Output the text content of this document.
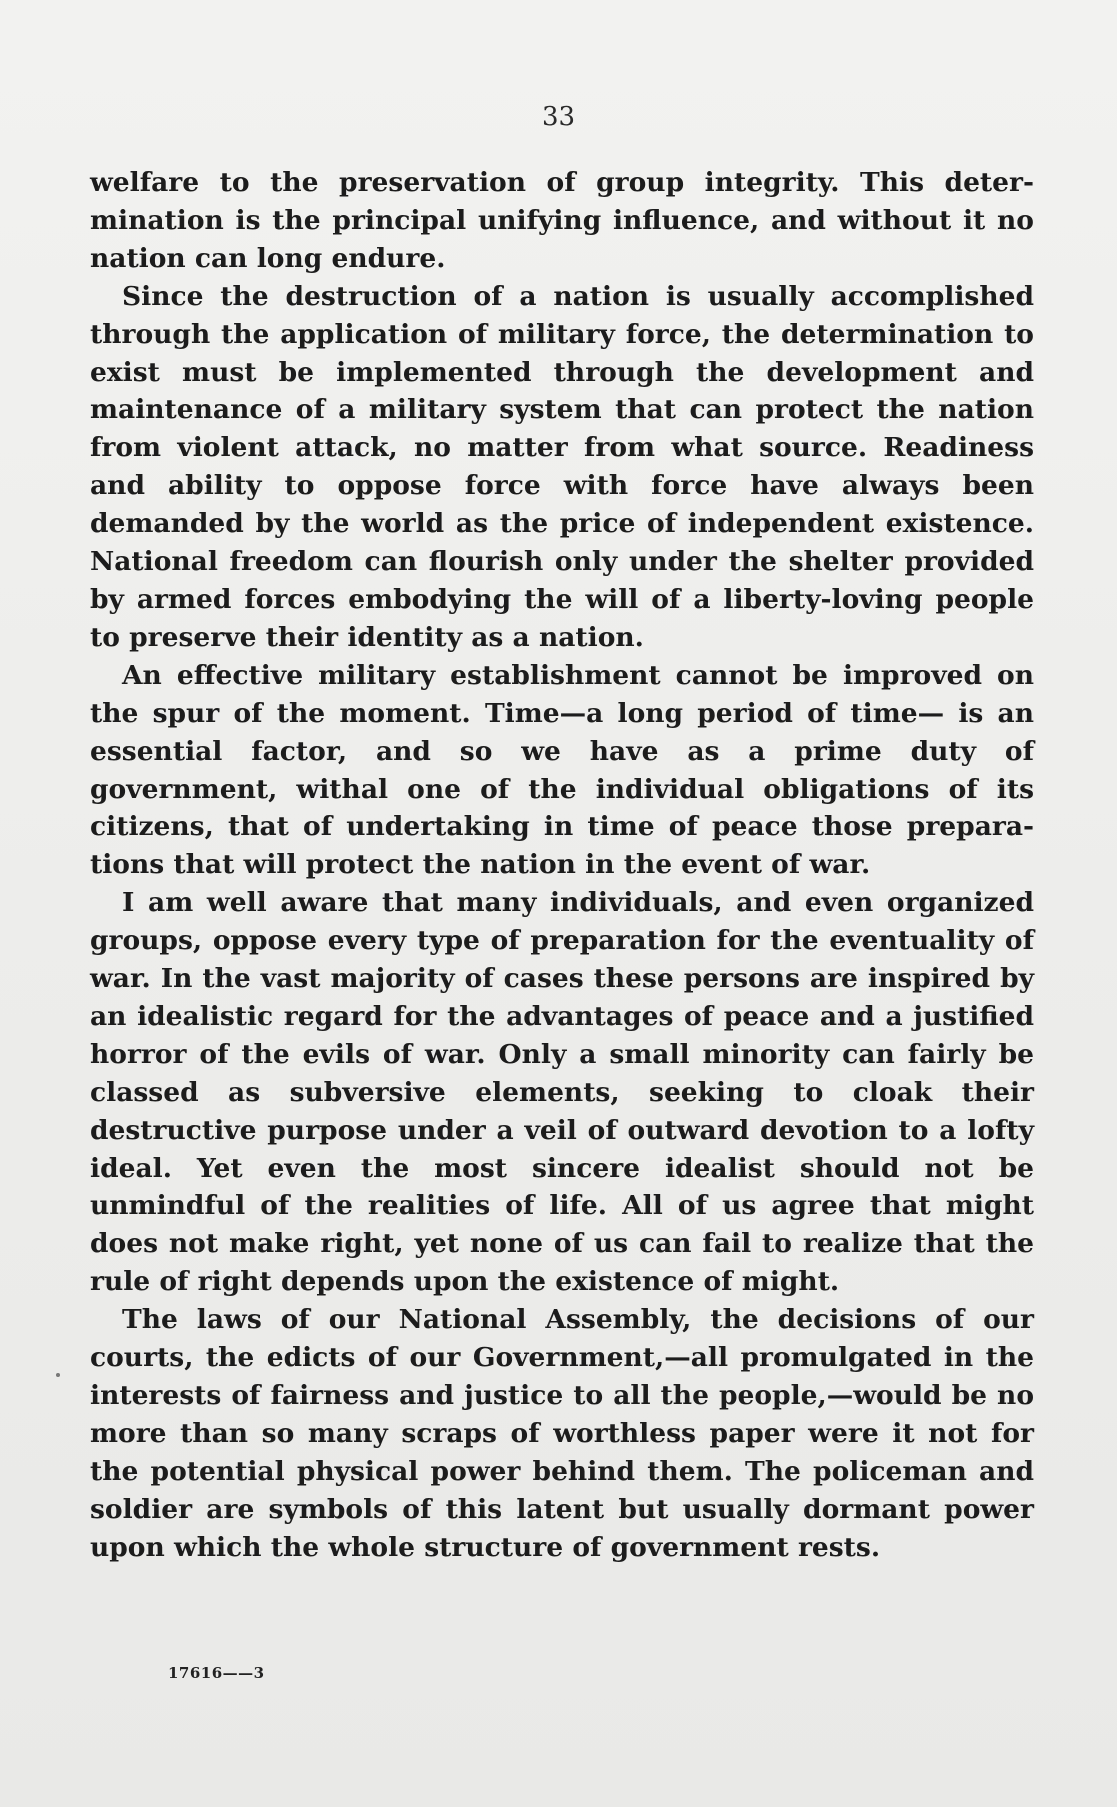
33

welfare to the preservation of group integrity. This determination is the principal unifying influence, and without it no nation can long endure.

Since the destruction of a nation is usually accomplished through the application of military force, the determination to exist must be implemented through the development and maintenance of a military system that can protect the nation from violent attack, no matter from what source. Readiness and ability to oppose force with force have always been demanded by the world as the price of independent existence. National freedom can flourish only under the shelter provided by armed forces embodying the will of a liberty-loving people to preserve their identity as a nation.

An effective military establishment cannot be improved on the spur of the moment. Time—a long period of time— is an essential factor, and so we have as a prime duty of government, withal one of the individual obligations of its citizens, that of undertaking in time of peace those preparations that will protect the nation in the event of war.

I am well aware that many individuals, and even organized groups, oppose every type of preparation for the eventuality of war. In the vast majority of cases these persons are inspired by an idealistic regard for the advantages of peace and a justified horror of the evils of war. Only a small minority can fairly be classed as subversive elements, seeking to cloak their destructive purpose under a veil of outward devotion to a lofty ideal. Yet even the most sincere idealist should not be unmindful of the realities of life. All of us agree that might does not make right, yet none of us can fail to realize that the rule of right depends upon the existence of might.

The laws of our National Assembly, the decisions of our courts, the edicts of our Government,—all promulgated in the interests of fairness and justice to all the people,—would be no more than so many scraps of worthless paper were it not for the potential physical power behind them. The policeman and soldier are symbols of this latent but usually dormant power upon which the whole structure of government rests.

17616——3
